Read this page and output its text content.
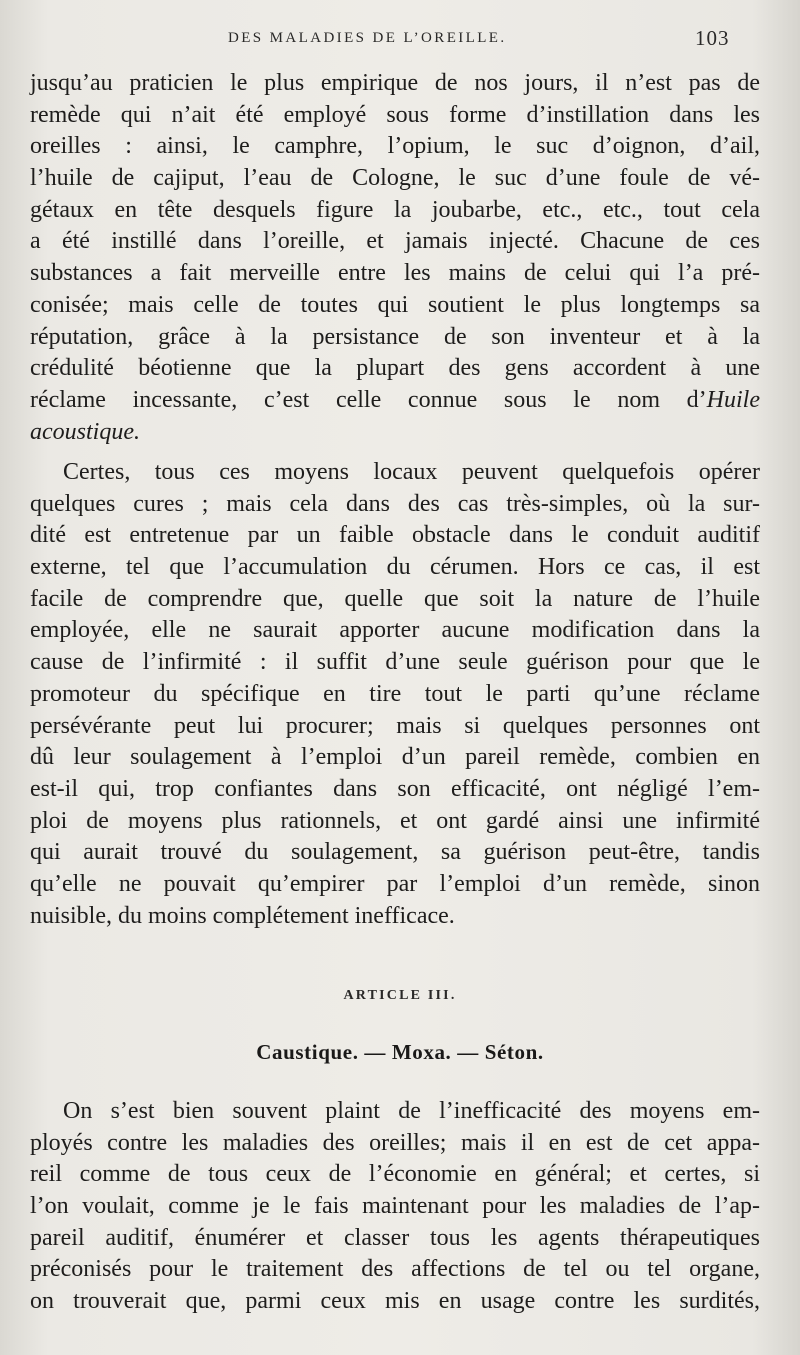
DES MALADIES DE L’OREILLE.	103
jusqu’au praticien le plus empirique de nos jours, il n’est pas de
remède qui n’ait été employé sous forme d’instillation dans les
oreilles : ainsi, le camphre, l’opium, le suc d’oignon, d’ail,
l’huile de cajiput, l’eau de Cologne, le suc d’une foule de vé-
gétaux en tête desquels figure la joubarbe, etc., etc., tout cela
a été instillé dans l’oreille, et jamais injecté. Chacune de ces
substances a fait merveille entre les mains de celui qui l’a pré-
conisée; mais celle de toutes qui soutient le plus longtemps sa
réputation, grâce à la persistance de son inventeur et à la
crédulité béotienne que la plupart des gens accordent à une
réclame incessante, c’est celle connue sous le nom d’Huile
acoustique.
Certes, tous ces moyens locaux peuvent quelquefois opérer
quelques cures ; mais cela dans des cas très-simples, où la sur-
dité est entretenue par un faible obstacle dans le conduit auditif
externe, tel que l’accumulation du cérumen. Hors ce cas, il est
facile de comprendre que, quelle que soit la nature de l’huile
employée, elle ne saurait apporter aucune modification dans la
cause de l’infirmité : il suffit d’une seule guérison pour que le
promoteur du spécifique en tire tout le parti qu’une réclame
persévérante peut lui procurer; mais si quelques personnes ont
dû leur soulagement à l’emploi d’un pareil remède, combien en
est-il qui, trop confiantes dans son efficacité, ont négligé l’em-
ploi de moyens plus rationnels, et ont gardé ainsi une infirmité
qui aurait trouvé du soulagement, sa guérison peut-être, tandis
qu’elle ne pouvait qu’empirer par l’emploi d’un remède, sinon
nuisible, du moins complétement inefficace.
ARTICLE III.
Caustique. — Moxa. — Séton.
On s’est bien souvent plaint de l’inefficacité des moyens em-
ployés contre les maladies des oreilles; mais il en est de cet appa-
reil comme de tous ceux de l’économie en général; et certes, si
l’on voulait, comme je le fais maintenant pour les maladies de l’ap-
pareil auditif, énumérer et classer tous les agents thérapeutiques
préconisés pour le traitement des affections de tel ou tel organe,
on trouverait que, parmi ceux mis en usage contre les surdités,
